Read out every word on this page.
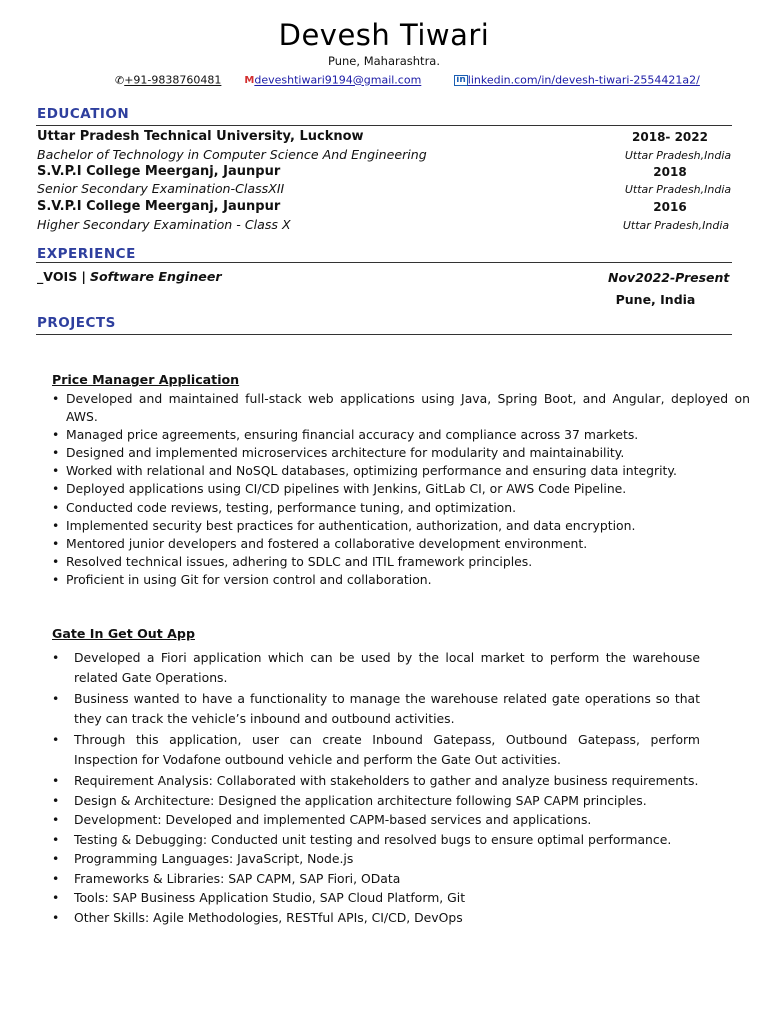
Devesh Tiwari
Pune, Maharashtra.
✆+91-9838760481 Mdeveshtiwari9194@gmail.com	in linkedin.com/in/devesh-tiwari-2554421a2/
EDUCATION
Uttar Pradesh Technical University, Lucknow	2018- 2022
Bachelor of Technology in Computer Science And Engineering	Uttar Pradesh,India
S.V.P.I College Meerganj, Jaunpur	2018
Senior Secondary Examination-ClassXII	Uttar Pradesh,India
S.V.P.I College Meerganj, Jaunpur	2016
Higher Secondary Examination - Class X	Uttar Pradesh,India
EXPERIENCE
_VOIS | Software Engineer	Nov2022-Present
Pune, India
PROJECTS
Price Manager Application
• Developed and maintained full-stack web applications using Java, Spring Boot, and Angular, deployed on AWS.
• Managed price agreements, ensuring financial accuracy and compliance across 37 markets.
• Designed and implemented microservices architecture for modularity and maintainability.
• Worked with relational and NoSQL databases, optimizing performance and ensuring data integrity.
• Deployed applications using CI/CD pipelines with Jenkins, GitLab CI, or AWS Code Pipeline.
• Conducted code reviews, testing, performance tuning, and optimization.
• Implemented security best practices for authentication, authorization, and data encryption.
• Mentored junior developers and fostered a collaborative development environment.
• Resolved technical issues, adhering to SDLC and ITIL framework principles.
• Proficient in using Git for version control and collaboration.
Gate In Get Out App
• Developed a Fiori application which can be used by the local market to perform the warehouse related Gate Operations.
• Business wanted to have a functionality to manage the warehouse related gate operations so that they can track the vehicle’s inbound and outbound activities.
• Through this application, user can create Inbound Gatepass, Outbound Gatepass, perform Inspection for Vodafone outbound vehicle and perform the Gate Out activities.
• Requirement Analysis: Collaborated with stakeholders to gather and analyze business requirements.
• Design & Architecture: Designed the application architecture following SAP CAPM principles.
• Development: Developed and implemented CAPM-based services and applications.
• Testing & Debugging: Conducted unit testing and resolved bugs to ensure optimal performance.
• Programming Languages: JavaScript, Node.js
• Frameworks & Libraries: SAP CAPM, SAP Fiori, OData
• Tools: SAP Business Application Studio, SAP Cloud Platform, Git
• Other Skills: Agile Methodologies, RESTful APIs, CI/CD, DevOps
